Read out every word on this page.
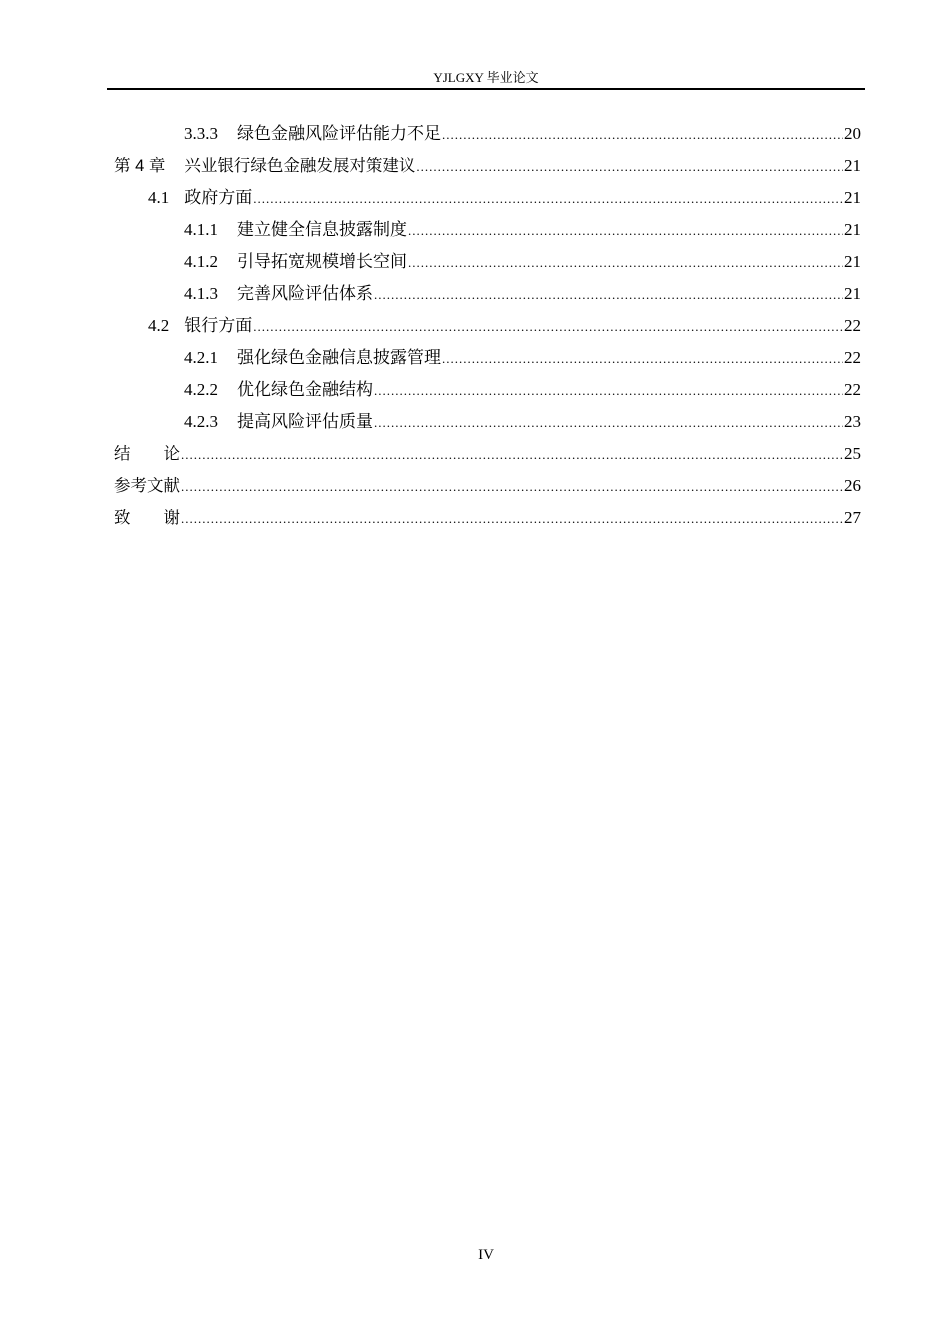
YJLGXY 毕业论文
3.3.3 绿色金融风险评估能力不足 .....	20
第 4 章 兴业银行绿色金融发展对策建议 .....	21
4.1 政府方面 .....	21
4.1.1 建立健全信息披露制度 .....	21
4.1.2 引导拓宽规模增长空间 .....	21
4.1.3 完善风险评估体系 .....	21
4.2 银行方面 .....	22
4.2.1 强化绿色金融信息披露管理 .....	22
4.2.2 优化绿色金融结构 .....	22
4.2.3 提高风险评估质量 .....	23
结　　论 .....	25
参考文献 .....	26
致　　谢 .....	27
IV
